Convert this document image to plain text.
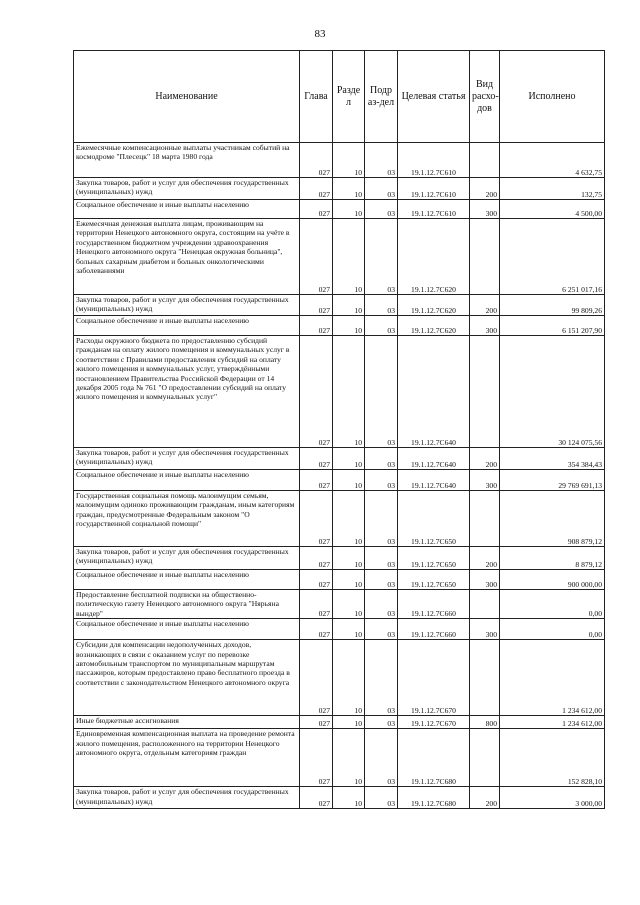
83
Наименование	Глава	Разде л	Подр аз-дел	Целевая статья	Вид расхо- дов	Исполнено
Ежемесячные компенсационные выплаты участникам событий на космодроме "Плесецк" 18 марта 1980 года	027	10	03	19.1.12.7С610		4 632,75
Закупка товаров, работ и услуг для обеспечения государственных (муниципальных) нужд	027	10	03	19.1.12.7С610	200	132,75
Социальное обеспечение и иные выплаты населению	027	10	03	19.1.12.7С610	300	4 500,00
Ежемесячная денежная выплата лицам, проживающим на территории Ненецкого автономного округа, состоящим на учёте в государственном бюджетном учреждении здравоохранения Ненецкого автономного округа "Ненецкая окружная больница", больных сахарным диабетом и больных онкологическими заболеваниями	027	10	03	19.1.12.7С620		6 251 017,16
Закупка товаров, работ и услуг для обеспечения государственных (муниципальных) нужд	027	10	03	19.1.12.7С620	200	99 809,26
Социальное обеспечение и иные выплаты населению	027	10	03	19.1.12.7С620	300	6 151 207,90
Расходы окружного бюджета по предоставлению субсидий гражданам на оплату жилого помещения и коммунальных услуг в соответствии с Правилами предоставления субсидий на оплату жилого помещения и коммунальных услуг, утверждёнными постановлением Правительства Российской Федерации от 14 декабря 2005 года № 761 "О предоставлении субсидий на оплату жилого помещения и коммунальных услуг"	027	10	03	19.1.12.7С640		30 124 075,56
Закупка товаров, работ и услуг для обеспечения государственных (муниципальных) нужд	027	10	03	19.1.12.7С640	200	354 384,43
Социальное обеспечение и иные выплаты населению	027	10	03	19.1.12.7С640	300	29 769 691,13
Государственная социальная помощь малоимущим семьям, малоимущим одиноко проживающим гражданам, иным категориям граждан, предусмотренные Федеральным законом "О государственной социальной помощи"	027	10	03	19.1.12.7С650		908 879,12
Закупка товаров, работ и услуг для обеспечения государственных (муниципальных) нужд	027	10	03	19.1.12.7С650	200	8 879,12
Социальное обеспечение и иные выплаты населению	027	10	03	19.1.12.7С650	300	900 000,00
Предоставление бесплатной подписки на общественно-политическую газету Ненецкого автономного округа "Нярьяна вындер"	027	10	03	19.1.12.7С660		0,00
Социальное обеспечение и иные выплаты населению	027	10	03	19.1.12.7С660	300	0,00
Субсидии для компенсации недополученных доходов, возникающих в связи с оказанием услуг по перевозке автомобильным транспортом по муниципальным маршрутам пассажиров, которым предоставлено право бесплатного проезда в соответствии с законодательством Ненецкого автономного округа	027	10	03	19.1.12.7С670		1 234 612,00
Иные бюджетные ассигнования	027	10	03	19.1.12.7С670	800	1 234 612,00
Единовременная компенсационная выплата на проведение ремонта жилого помещения, расположенного на территории Ненецкого автономного округа, отдельным категориям граждан	027	10	03	19.1.12.7С680		152 828,10
Закупка товаров, работ и услуг для обеспечения государственных (муниципальных) нужд	027	10	03	19.1.12.7С680	200	3 000,00
